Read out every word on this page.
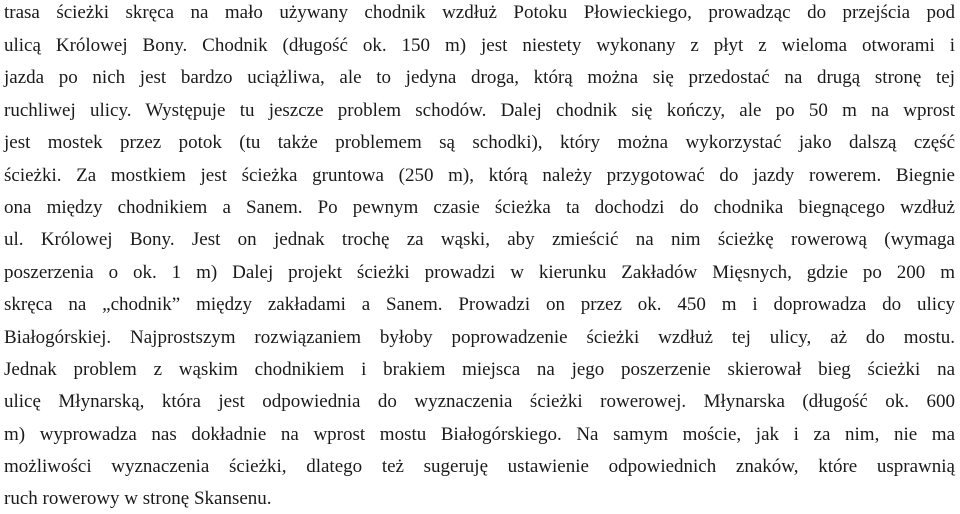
trasa ścieżki skręca na mało używany chodnik wzdłuż Potoku Płowieckiego, prowadząc do przejścia pod
ulicą Królowej Bony. Chodnik (długość ok. 150 m) jest niestety wykonany z płyt z wieloma otworami i
jazda po nich jest bardzo uciążliwa, ale to jedyna droga, którą można się przedostać na drugą stronę tej
ruchliwej ulicy. Występuje tu jeszcze problem schodów. Dalej chodnik się kończy, ale po 50 m na wprost
jest mostek przez potok (tu także problemem są schodki), który można wykorzystać jako dalszą część
ścieżki. Za mostkiem jest ścieżka gruntowa (250 m), którą należy przygotować do jazdy rowerem. Biegnie
ona między chodnikiem a Sanem. Po pewnym czasie ścieżka ta dochodzi do chodnika biegnącego wzdłuż
ul. Królowej Bony. Jest on jednak trochę za wąski, aby zmieścić na nim ścieżkę rowerową (wymaga
poszerzenia o ok. 1 m) Dalej projekt ścieżki prowadzi w kierunku Zakładów Mięsnych, gdzie po 200 m
skręca na „chodnik” między zakładami a Sanem. Prowadzi on przez ok. 450 m i doprowadza do ulicy
Białogórskiej. Najprostszym rozwiązaniem byłoby poprowadzenie ścieżki wzdłuż tej ulicy, aż do mostu.
Jednak problem z wąskim chodnikiem i brakiem miejsca na jego poszerzenie skierował bieg ścieżki na
ulicę Młynarską, która jest odpowiednia do wyznaczenia ścieżki rowerowej. Młynarska (długość ok. 600
m) wyprowadza nas dokładnie na wprost mostu Białogórskiego. Na samym moście, jak i za nim, nie ma
możliwości wyznaczenia ścieżki, dlatego też sugeruję ustawienie odpowiednich znaków, które usprawnią
ruch rowerowy w stronę Skansenu.
